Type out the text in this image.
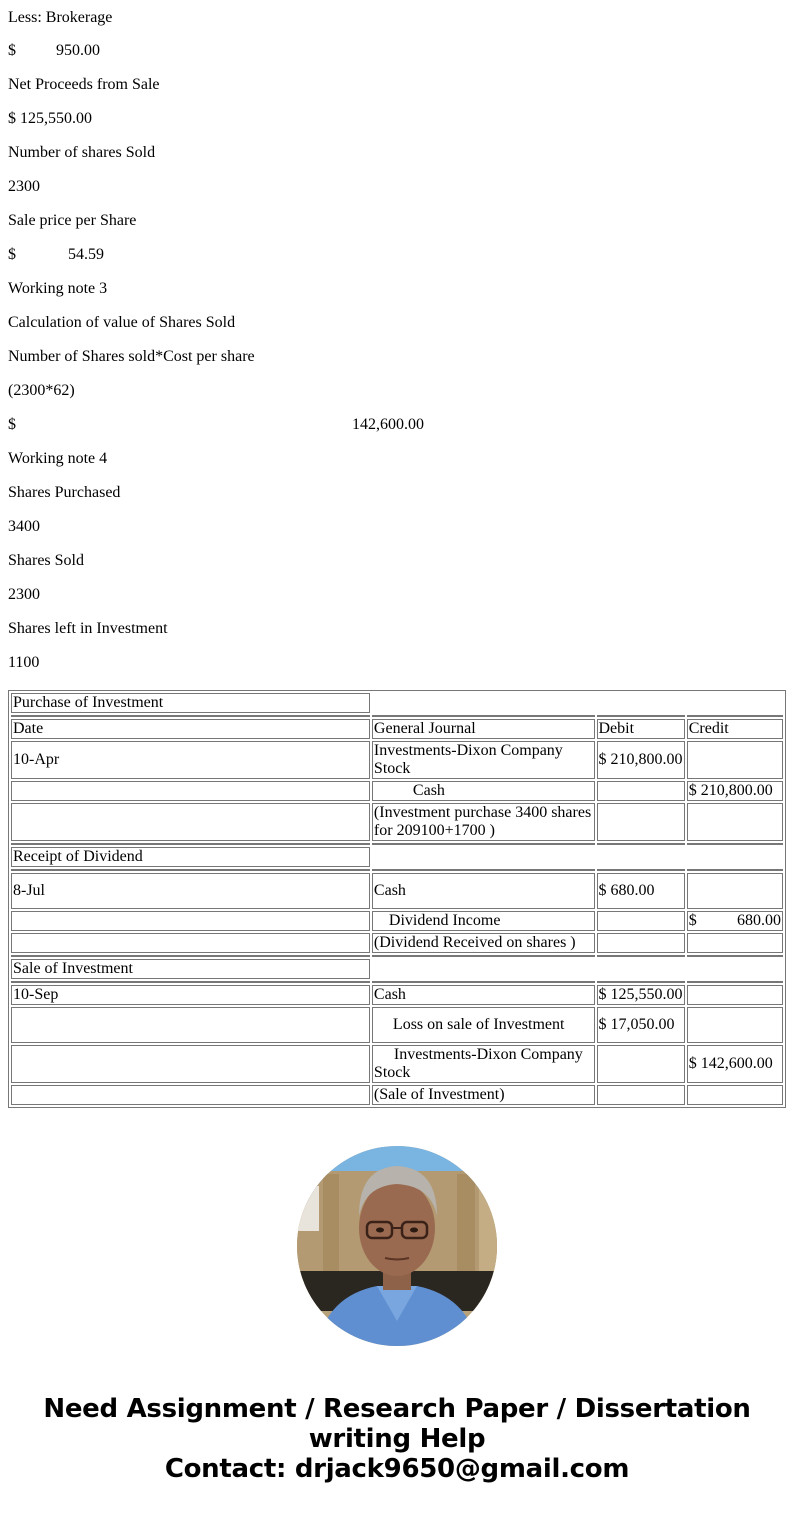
Less: Brokerage

$	950.00

Net Proceeds from Sale

$ 125,550.00

Number of shares Sold

2300

Sale price per Share

$	54.59

Working note 3

Calculation of value of Shares Sold

Number of Shares sold*Cost per share

(2300*62)

$	142,600.00

Working note 4

Shares Purchased

3400

Shares Sold

2300

Shares left in Investment

1100

Purchase of Investment			

Date	General Journal	Debit	Credit
10-Apr	Investments-Dixon Company Stock	$ 210,800.00	
	Cash		$ 210,800.00
	(Investment purchase 3400 shares for 209100+1700 )		

Receipt of Dividend			

8-Jul	Cash	$ 680.00	
	Dividend Income		$ 680.00

	(Dividend Received on shares )		

Sale of Investment			

10-Sep	Cash	$ 125,550.00	
	Loss on sale of Investment	$ 17,050.00	
	Investments-Dixon Company Stock		$ 142,600.00
	(Sale of Investment)		
Need Assignment / Research Paper / Dissertation
writing Help
Contact: drjack9650@gmail.com
